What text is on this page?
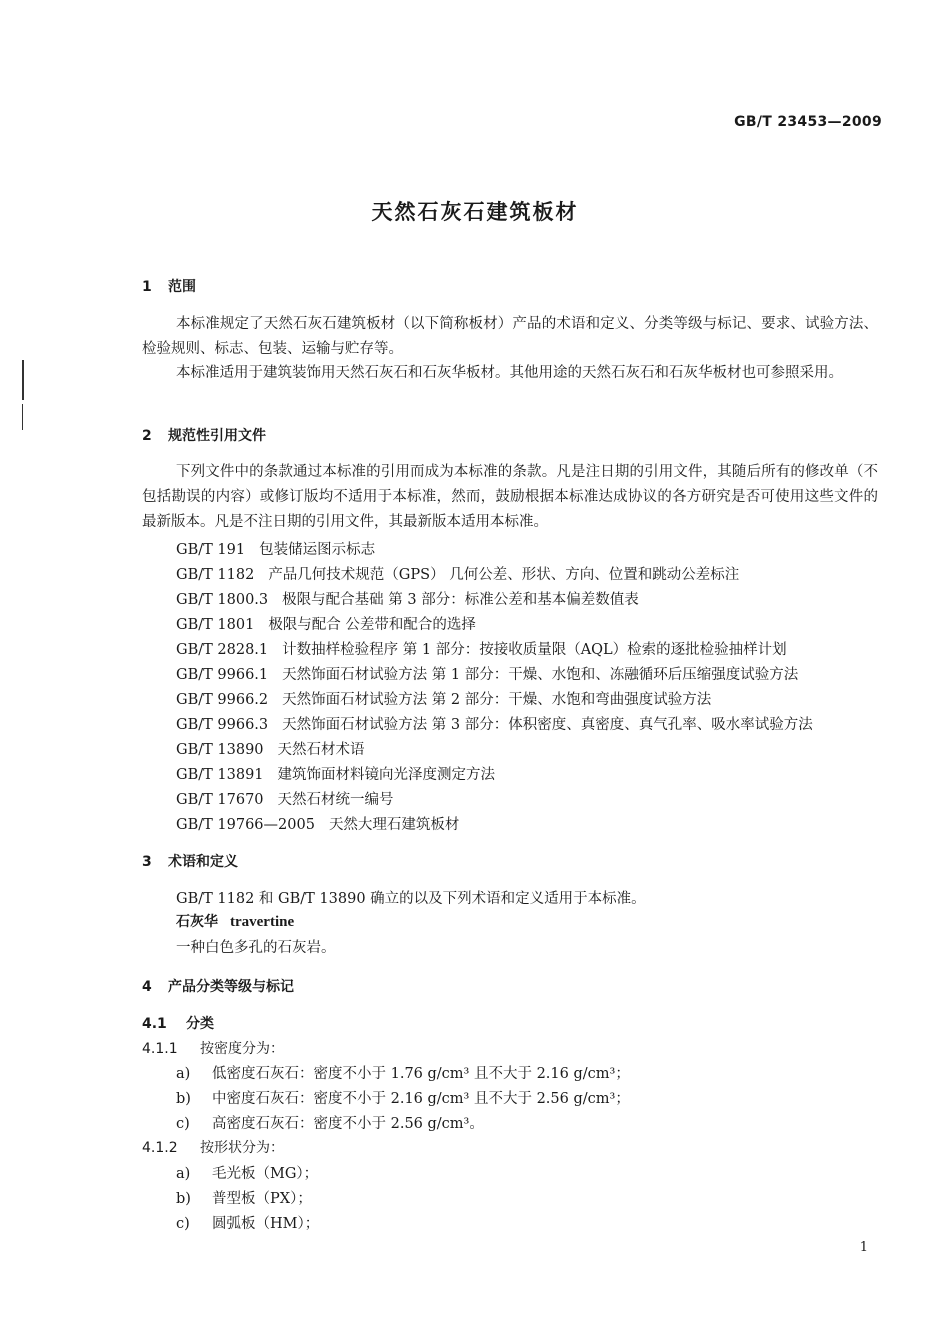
GB/T 23453—2009
天然石灰石建筑板材
1 范围
本标准规定了天然石灰石建筑板材（以下简称板材）产品的术语和定义、分类等级与标记、要求、试验方法、检验规则、标志、包装、运输与贮存等。
本标准适用于建筑装饰用天然石灰石和石灰华板材。其他用途的天然石灰石和石灰华板材也可参照采用。
2 规范性引用文件
下列文件中的条款通过本标准的引用而成为本标准的条款。凡是注日期的引用文件，其随后所有的修改单（不包括勘误的内容）或修订版均不适用于本标准，然而，鼓励根据本标准达成协议的各方研究是否可使用这些文件的最新版本。凡是不注日期的引用文件，其最新版本适用本标准。
GB/T 191 包装储运图示标志
GB/T 1182 产品几何技术规范（GPS） 几何公差、形状、方向、位置和跳动公差标注
GB/T 1800.3 极限与配合基础 第 3 部分：标准公差和基本偏差数值表
GB/T 1801 极限与配合 公差带和配合的选择
GB/T 2828.1 计数抽样检验程序 第 1 部分：按接收质量限（AQL）检索的逐批检验抽样计划
GB/T 9966.1 天然饰面石材试验方法 第 1 部分：干燥、水饱和、冻融循环后压缩强度试验方法
GB/T 9966.2 天然饰面石材试验方法 第 2 部分：干燥、水饱和弯曲强度试验方法
GB/T 9966.3 天然饰面石材试验方法 第 3 部分：体积密度、真密度、真气孔率、吸水率试验方法
GB/T 13890 天然石材术语
GB/T 13891 建筑饰面材料镜向光泽度测定方法
GB/T 17670 天然石材统一编号
GB/T 19766—2005 天然大理石建筑板材
3 术语和定义
GB/T 1182 和 GB/T 13890 确立的以及下列术语和定义适用于本标准。
石灰华 travertine
一种白色多孔的石灰岩。
4 产品分类等级与标记
4.1 分类
4.1.1 按密度分为：
a) 低密度石灰石：密度不小于 1.76 g/cm³ 且不大于 2.16 g/cm³；
b) 中密度石灰石：密度不小于 2.16 g/cm³ 且不大于 2.56 g/cm³；
c) 高密度石灰石：密度不小于 2.56 g/cm³。
4.1.2 按形状分为：
a) 毛光板（MG）；
b) 普型板（PX）；
c) 圆弧板（HM）；
1
